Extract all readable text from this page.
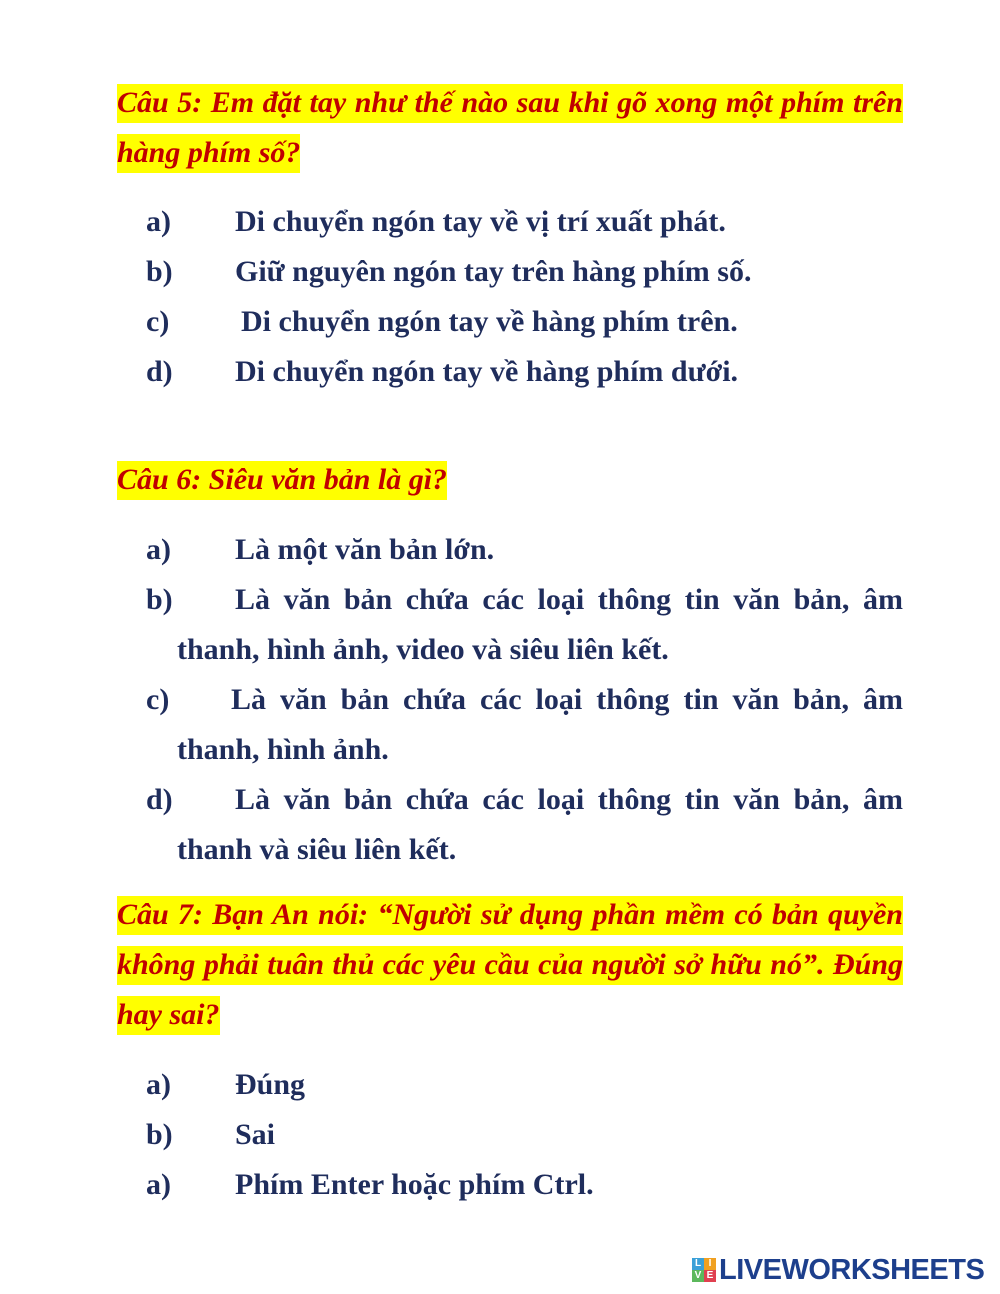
Câu 5: Em đặt tay như thế nào sau khi gõ xong một phím trên hàng phím số?

a)	Di chuyển ngón tay về vị trí xuất phát.
b)	Giữ nguyên ngón tay trên hàng phím số.
c)	Di chuyển ngón tay về hàng phím trên.
d)	Di chuyển ngón tay về hàng phím dưới.

Câu 6: Siêu văn bản là gì?

a)	Là một văn bản lớn.
b)	Là văn bản chứa các loại thông tin văn bản, âm thanh, hình ảnh, video và siêu liên kết.
c)	Là văn bản chứa các loại thông tin văn bản, âm thanh, hình ảnh.
d)	Là văn bản chứa các loại thông tin văn bản, âm thanh và siêu liên kết.

Câu 7: Bạn An nói: “Người sử dụng phần mềm có bản quyền không phải tuân thủ các yêu cầu của người sở hữu nó”. Đúng hay sai?

a)	Đúng
b)	Sai
a)	Phím Enter hoặc phím Ctrl.
L I
V E LIVEWORKSHEETS
